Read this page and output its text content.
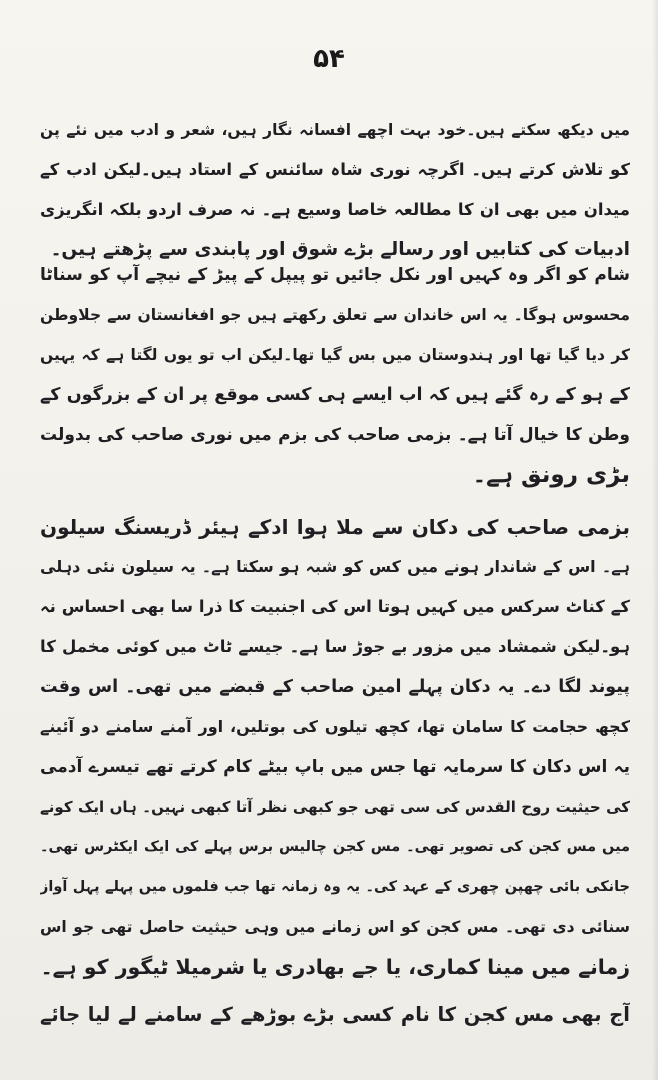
۵۴
میں دیکھ سکتے ہیں۔خود بہت اچھے افسانہ نگار ہیں، شعر و ادب میں نئے پن
کو تلاش کرتے ہیں۔ اگرچہ نوری شاہ سائنس کے استاد ہیں۔لیکن ادب کے
میدان میں بھی ان کا مطالعہ خاصا وسیع ہے۔ نہ صرف اردو بلکہ انگریزی
ادبیات کی کتابیں اور رسالے بڑے شوق اور پابندی سے پڑھتے ہیں۔
شام کو اگر وہ کہیں اور نکل جائیں تو پیپل کے پیڑ کے نیچے آپ کو سناٹا
محسوس ہوگا۔ یہ اس خاندان سے تعلق رکھتے ہیں جو افغانستان سے جلاوطن
کر دیا گیا تھا اور ہندوستان میں بس گیا تھا۔لیکن اب تو یوں لگتا ہے کہ یہیں
کے ہو کے رہ گئے ہیں کہ اب ایسے ہی کسی موقع پر ان کے بزرگوں کے
وطن کا خیال آتا ہے۔ بزمی صاحب کی بزم میں نوری صاحب کی بدولت
بڑی رونق ہے۔
بزمی صاحب کی دکان سے ملا ہوا ادکے ہیئر ڈریسنگ سیلون
ہے۔ اس کے شاندار ہونے میں کس کو شبہ ہو سکتا ہے۔ یہ سیلون نئی دہلی
کے کناٹ سرکس میں کہیں ہوتا اس کی اجنبیت کا ذرا سا بھی احساس نہ
ہو۔لیکن شمشاد میں مزور بے جوڑ سا ہے۔ جیسے ٹاٹ میں کوئی مخمل کا
پیوند لگا دے۔ یہ دکان پہلے امین صاحب کے قبضے میں تھی۔ اس وقت
کچھ حجامت کا سامان تھا، کچھ تیلوں کی بوتلیں، اور آمنے سامنے دو آئینے
یہ اس دکان کا سرمایہ تھا جس میں باپ بیٹے کام کرتے تھے تیسرے آدمی
کی حیثیت روح القدس کی سی تھی جو کبھی نظر آتا کبھی نہیں۔ ہاں ایک کونے
میں مس کجن کی تصویر تھی۔ مس کجن چالیس برس پہلے کی ایک ایکٹرس تھی۔
جانکی بائی چھپن چھری کے عہد کی۔ یہ وہ زمانہ تھا جب فلموں میں پہلے پہل آواز
سنائی دی تھی۔ مس کجن کو اس زمانے میں وہی حیثیت حاصل تھی جو اس
زمانے میں مینا کماری، یا جے بھادری یا شرمیلا ٹیگور کو ہے۔
آج بھی مس کجن کا نام کسی بڑے بوڑھے کے سامنے لے لیا جائے
